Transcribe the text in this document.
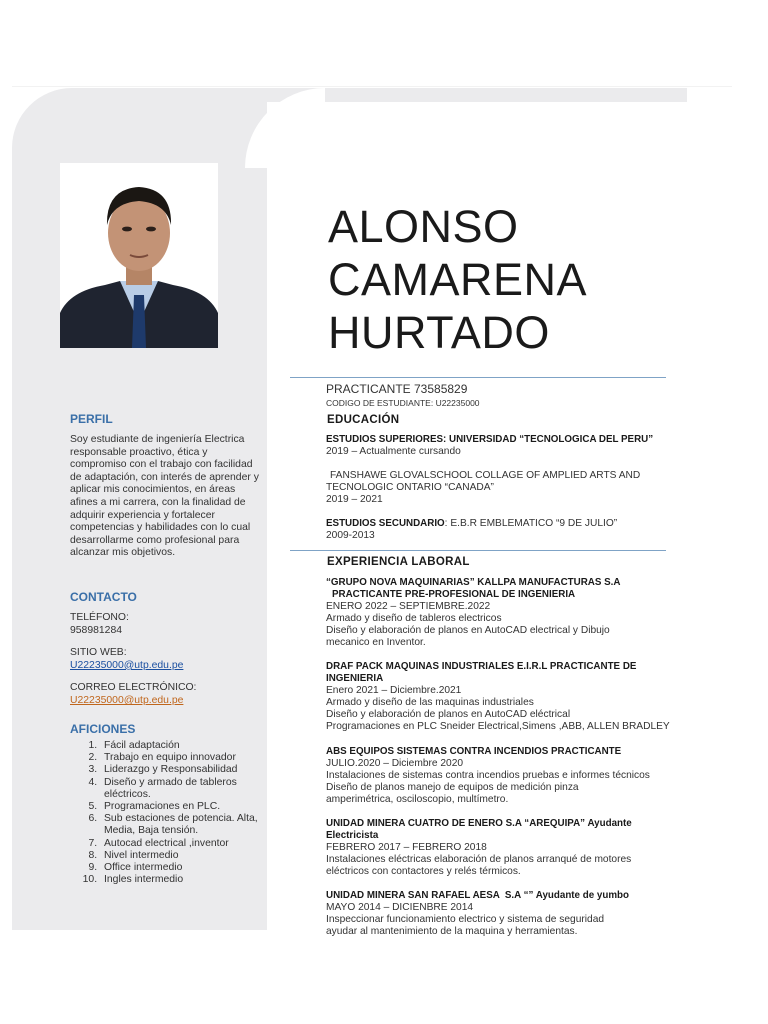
PERFIL

Soy estudiante de ingeniería Electrica responsable proactivo, ética y compromiso con el trabajo con facilidad de adaptación, con interés de aprender y aplicar mis conocimientos, en áreas afines a mi carrera, con la finalidad de adquirir experiencia y fortalecer competencias y habilidades con lo cual desarrollarme como profesional para alcanzar mis objetivos.

CONTACTO

TELÉFONO:

958981284

SITIO WEB:

U22235000@utp.edu.pe

CORREO ELECTRÓNICO:

U22235000@utp.edu.pe

AFICIONES

1. Fácil adaptación
2. Trabajo en equipo innovador
3. Liderazgo y Responsabilidad
4. Diseño y armado de tableros eléctricos.
5. Programaciones en PLC.
6. Sub estaciones de potencia. Alta, Media, Baja tensión.
7. Autocad electrical ,inventor
8. Nivel intermedio
9. Office intermedio
10. Ingles intermedio
ALONSO
CAMARENA
HURTADO

PRACTICANTE 73585829

CODIGO DE ESTUDIANTE: U22235000

EDUCACIÓN

ESTUDIOS SUPERIORES: UNIVERSIDAD “TECNOLOGICA DEL PERU”

2019 – Actualmente cursando

FANSHAWE GLOVALSCHOOL COLLAGE OF AMPLIED ARTS AND

TECNOLOGIC ONTARIO “CANADA”

2019 – 2021

ESTUDIOS SECUNDARIO: E.B.R EMBLEMATICO “9 DE JULIO”

2009-2013

EXPERIENCIA LABORAL

“GRUPO NOVA MAQUINARIAS” KALLPA MANUFACTURAS S.A

PRACTICANTE PRE-PROFESIONAL DE INGENIERIA

ENERO 2022 – SEPTIEMBRE.2022

Armado y diseño de tableros electricos

Diseño y elaboración de planos en AutoCAD electrical y Dibujo

mecanico en Inventor.

DRAF PACK MAQUINAS INDUSTRIALES E.I.R.L PRACTICANTE DE

INGENIERIA

Enero 2021 – Diciembre.2021

Armado y diseño de las maquinas industriales

Diseño y elaboración de planos en AutoCAD eléctrical

Programaciones en PLC Sneider Electrical,Simens ,ABB, ALLEN BRADLEY

ABS EQUIPOS SISTEMAS CONTRA INCENDIOS PRACTICANTE

JULIO.2020 – Diciembre 2020

Instalaciones de sistemas contra incendios pruebas e informes técnicos

Diseño de planos manejo de equipos de medición pinza

amperimétrica, osciloscopio, multímetro.

UNIDAD MINERA CUATRO DE ENERO S.A “AREQUIPA” Ayudante

Electricista

FEBRERO 2017 – FEBRERO 2018

Instalaciones eléctricas elaboración de planos arranqué de motores

eléctricos con contactores y relés térmicos.

UNIDAD MINERA SAN RAFAEL AESA  S.A “” Ayudante de yumbo

MAYO 2014 – DICIENBRE 2014

Inspeccionar funcionamiento electrico y sistema de seguridad

ayudar al mantenimiento de la maquina y herramientas.
